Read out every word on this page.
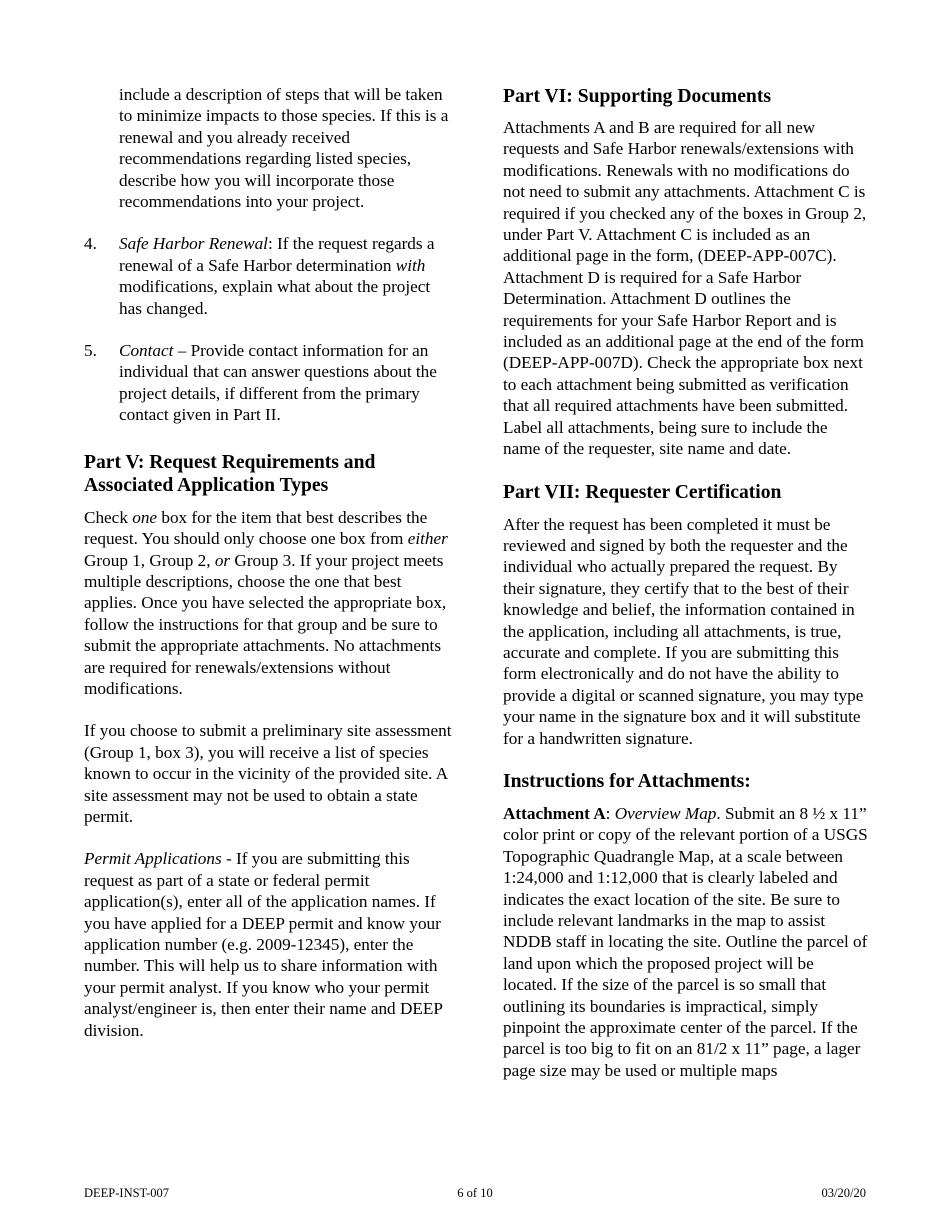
include a description of steps that will be taken to minimize impacts to those species. If this is a renewal and you already received recommendations regarding listed species, describe how you will incorporate those recommendations into your project.

4. Safe Harbor Renewal: If the request regards a renewal of a Safe Harbor determination with modifications, explain what about the project has changed.
5. Contact – Provide contact information for an individual that can answer questions about the project details, if different from the primary contact given in Part II.
Part V: Request Requirements and Associated Application Types

Check one box for the item that best describes the request. You should only choose one box from either Group 1, Group 2, or Group 3. If your project meets multiple descriptions, choose the one that best applies. Once you have selected the appropriate box, follow the instructions for that group and be sure to submit the appropriate attachments. No attachments are required for renewals/extensions without modifications.

If you choose to submit a preliminary site assessment (Group 1, box 3), you will receive a list of species known to occur in the vicinity of the provided site. A site assessment may not be used to obtain a state permit.

Permit Applications - If you are submitting this request as part of a state or federal permit application(s), enter all of the application names. If you have applied for a DEEP permit and know your application number (e.g. 2009-12345), enter the number. This will help us to share information with your permit analyst. If you know who your permit analyst/engineer is, then enter their name and DEEP division.

Part VI: Supporting Documents

Attachments A and B are required for all new requests and Safe Harbor renewals/extensions with modifications. Renewals with no modifications do not need to submit any attachments. Attachment C is required if you checked any of the boxes in Group 2, under Part V. Attachment C is included as an additional page in the form, (DEEP-APP-007C). Attachment D is required for a Safe Harbor Determination. Attachment D outlines the requirements for your Safe Harbor Report and is included as an additional page at the end of the form (DEEP-APP-007D). Check the appropriate box next to each attachment being submitted as verification that all required attachments have been submitted. Label all attachments, being sure to include the name of the requester, site name and date.

Part VII: Requester Certification

After the request has been completed it must be reviewed and signed by both the requester and the individual who actually prepared the request. By their signature, they certify that to the best of their knowledge and belief, the information contained in the application, including all attachments, is true, accurate and complete. If you are submitting this form electronically and do not have the ability to provide a digital or scanned signature, you may type your name in the signature box and it will substitute for a handwritten signature.

Instructions for Attachments:

Attachment A: Overview Map. Submit an 8 ½ x 11” color print or copy of the relevant portion of a USGS Topographic Quadrangle Map, at a scale between 1:24,000 and 1:12,000 that is clearly labeled and indicates the exact location of the site. Be sure to include relevant landmarks in the map to assist NDDB staff in locating the site. Outline the parcel of land upon which the proposed project will be located. If the size of the parcel is so small that outlining its boundaries is impractical, simply pinpoint the approximate center of the parcel. If the parcel is too big to fit on an 81/2 x 11” page, a lager page size may be used or multiple maps

DEEP-INST-007	6 of 10	03/20/20
